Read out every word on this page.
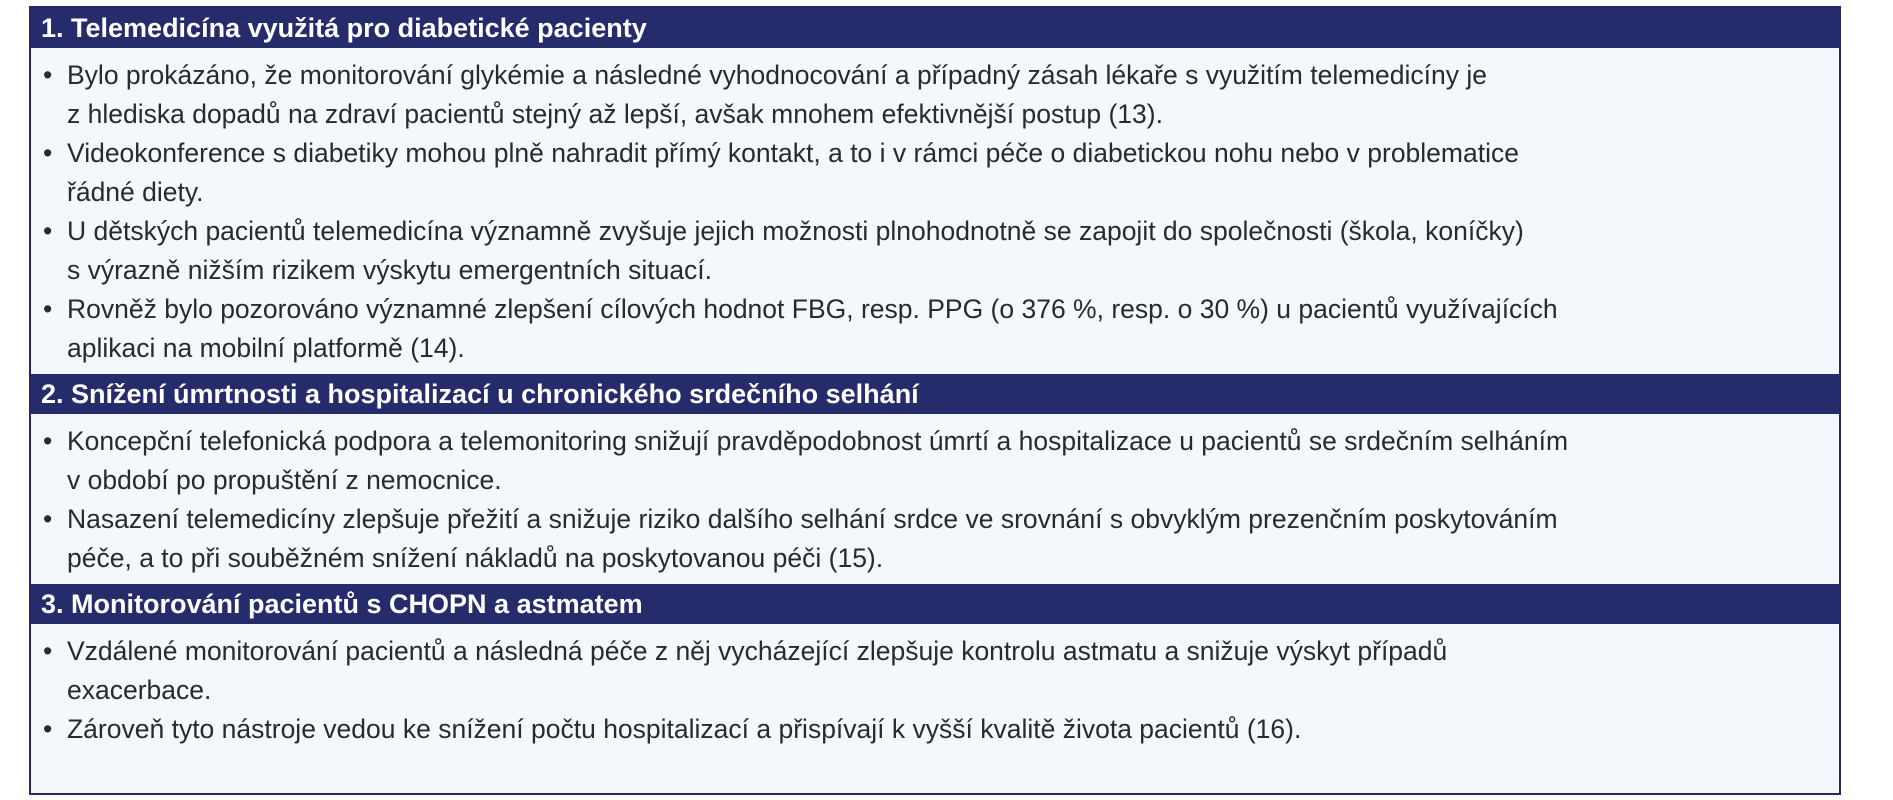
1. Telemedicína využitá pro diabetické pacienty
• Bylo prokázáno, že monitorování glykémie a následné vyhodnocování a případný zásah lékaře s využitím telemedicíny je
z hlediska dopadů na zdraví pacientů stejný až lepší, avšak mnohem efektivnější postup (13).
• Videokonference s diabetiky mohou plně nahradit přímý kontakt, a to i v rámci péče o diabetickou nohu nebo v problematice
řádné diety.
• U dětských pacientů telemedicína významně zvyšuje jejich možnosti plnohodnotně se zapojit do společnosti (škola, koníčky)
s výrazně nižším rizikem výskytu emergentních situací.
• Rovněž bylo pozorováno významné zlepšení cílových hodnot FBG, resp. PPG (o 376 %, resp. o 30 %) u pacientů využívajících
aplikaci na mobilní platformě (14).
2. Snížení úmrtnosti a hospitalizací u chronického srdečního selhání
• Koncepční telefonická podpora a telemonitoring snižují pravděpodobnost úmrtí a hospitalizace u pacientů se srdečním selháním
v období po propuštění z nemocnice.
• Nasazení telemedicíny zlepšuje přežití a snižuje riziko dalšího selhání srdce ve srovnání s obvyklým prezenčním poskytováním
péče, a to při souběžném snížení nákladů na poskytovanou péči (15).
3. Monitorování pacientů s CHOPN a astmatem
• Vzdálené monitorování pacientů a následná péče z něj vycházející zlepšuje kontrolu astmatu a snižuje výskyt případů
exacerbace.
• Zároveň tyto nástroje vedou ke snížení počtu hospitalizací a přispívají k vyšší kvalitě života pacientů (16).
